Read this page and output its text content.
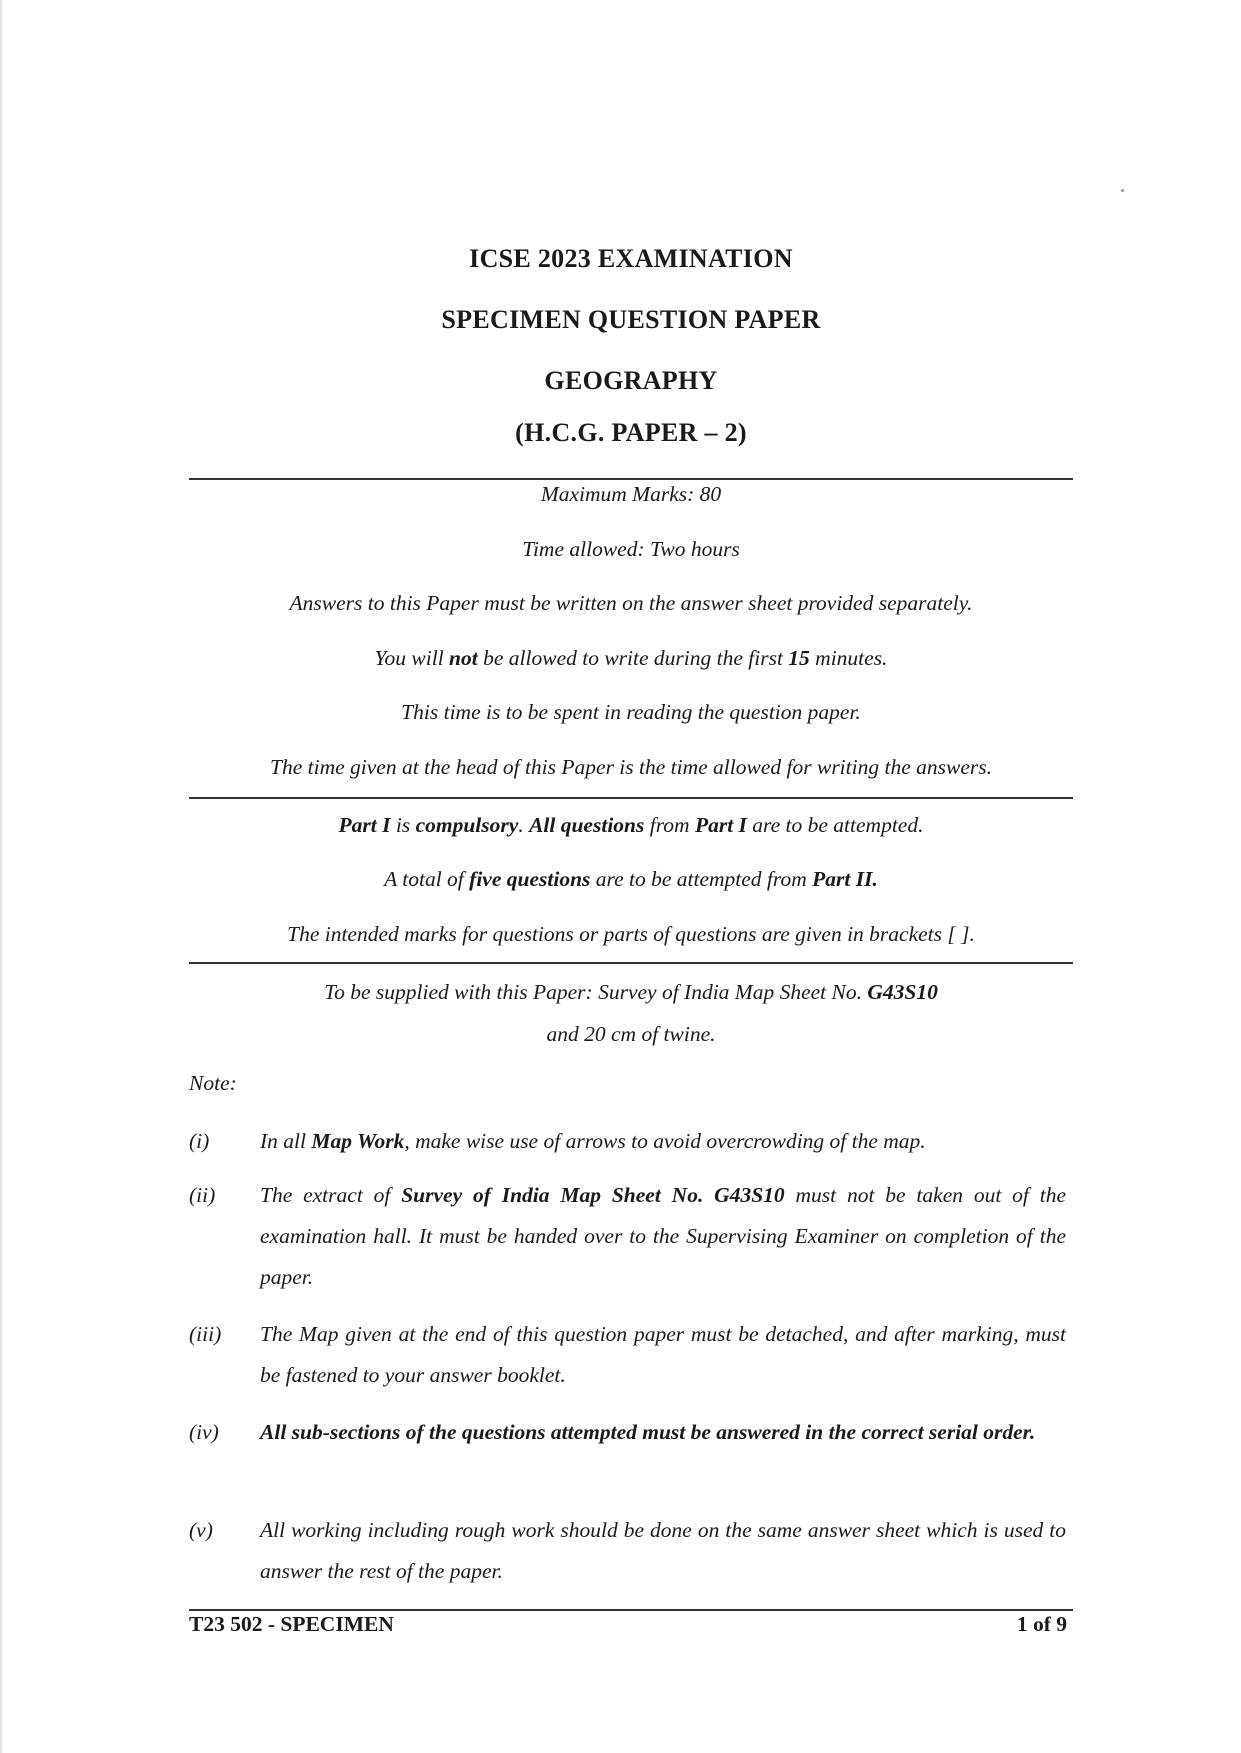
ICSE 2023 EXAMINATION
SPECIMEN QUESTION PAPER
GEOGRAPHY
(H.C.G. PAPER – 2)
Maximum Marks: 80
Time allowed: Two hours
Answers to this Paper must be written on the answer sheet provided separately.
You will not be allowed to write during the first 15 minutes.
This time is to be spent in reading the question paper.
The time given at the head of this Paper is the time allowed for writing the answers.
Part I is compulsory. All questions from Part I are to be attempted.
A total of five questions are to be attempted from Part II.
The intended marks for questions or parts of questions are given in brackets [ ].
To be supplied with this Paper: Survey of India Map Sheet No. G43S10
and 20 cm of twine.
Note:
(i) In all Map Work, make wise use of arrows to avoid overcrowding of the map.
(ii) The extract of Survey of India Map Sheet No. G43S10 must not be taken out of the examination hall. It must be handed over to the Supervising Examiner on completion of the paper.
(iii) The Map given at the end of this question paper must be detached, and after marking, must be fastened to your answer booklet.
(iv) All sub-sections of the questions attempted must be answered in the correct serial order.
(v) All working including rough work should be done on the same answer sheet which is used to answer the rest of the paper.
T23 502 - SPECIMEN	1 of 9
